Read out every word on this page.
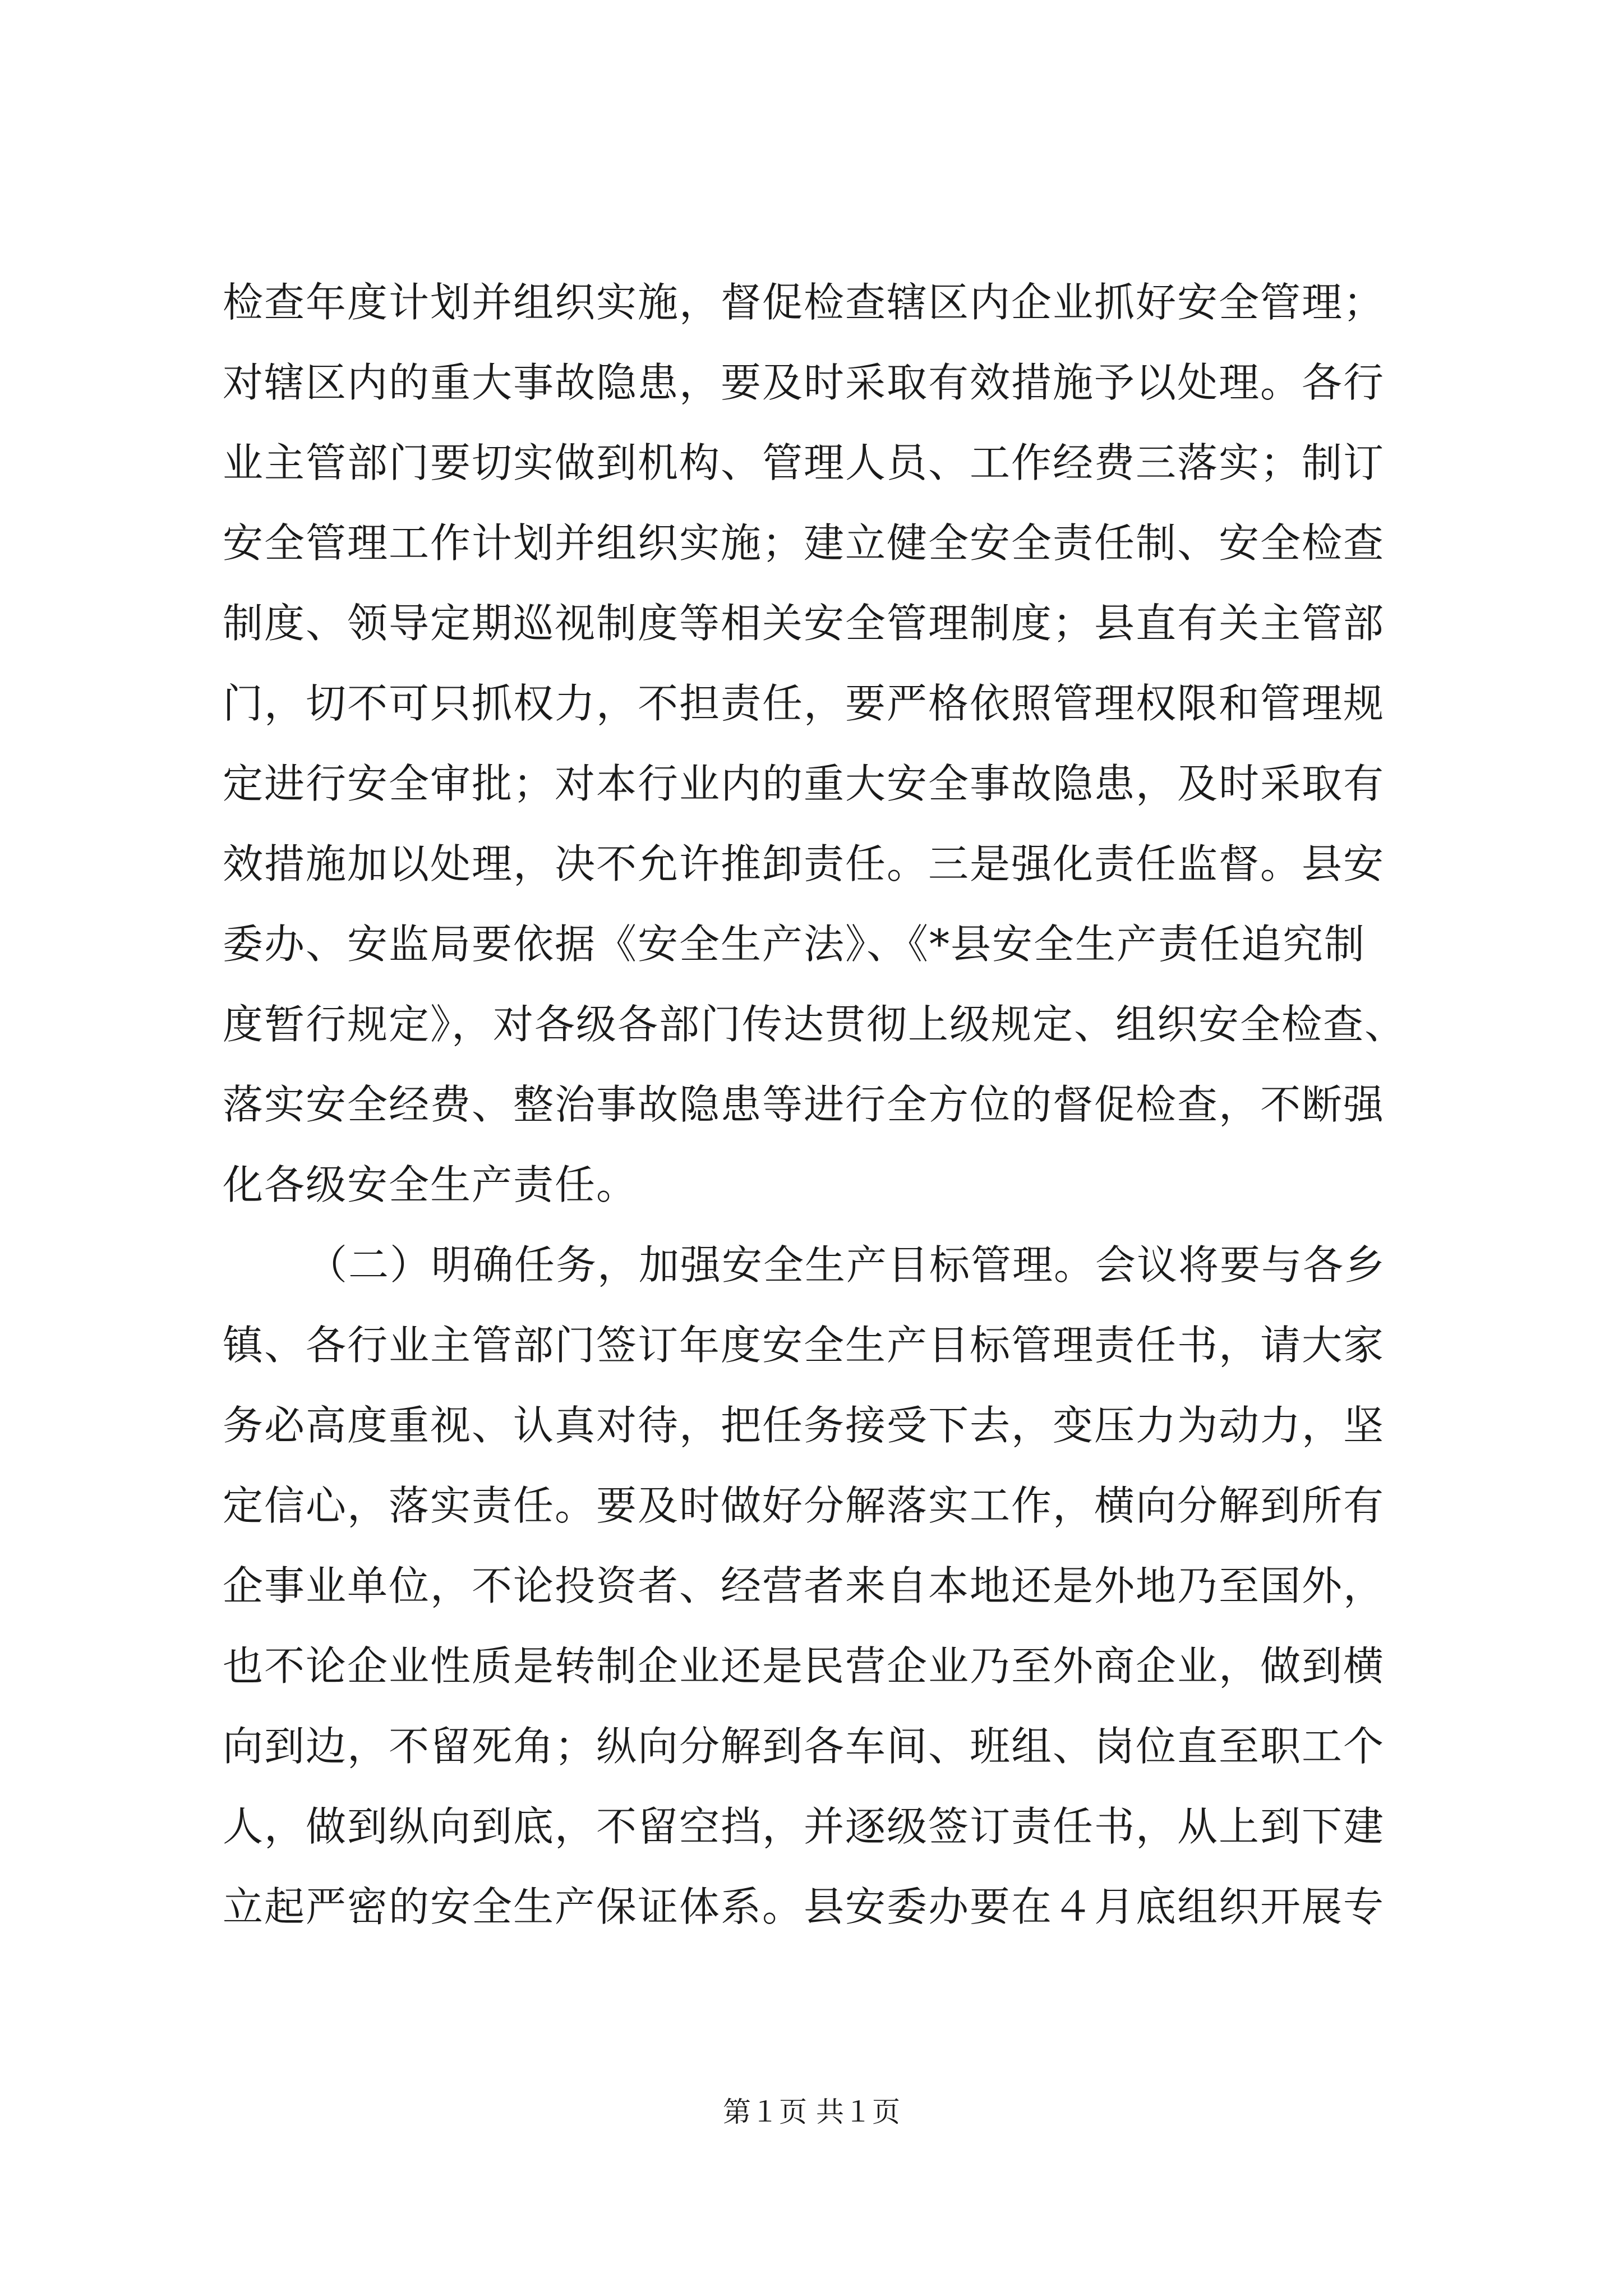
检查年度计划并组织实施，督促检查辖区内企业抓好安全管理；
对辖区内的重大事故隐患，要及时采取有效措施予以处理。各行
业主管部门要切实做到机构、管理人员、工作经费三落实；制订
安全管理工作计划并组织实施；建立健全安全责任制、安全检查
制度、领导定期巡视制度等相关安全管理制度；县直有关主管部
门，切不可只抓权力，不担责任，要严格依照管理权限和管理规
定进行安全审批；对本行业内的重大安全事故隐患，及时采取有
效措施加以处理，决不允许推卸责任。三是强化责任监督。县安
委办、安监局要依据《安全生产法》、《*县安全生产责任追究制
度暂行规定》，对各级各部门传达贯彻上级规定、组织安全检查、
落实安全经费、整治事故隐患等进行全方位的督促检查，不断强
化各级安全生产责任。
（二）明确任务，加强安全生产目标管理。会议将要与各乡
镇、各行业主管部门签订年度安全生产目标管理责任书，请大家
务必高度重视、认真对待，把任务接受下去，变压力为动力，坚
定信心，落实责任。要及时做好分解落实工作，横向分解到所有
企事业单位，不论投资者、经营者来自本地还是外地乃至国外，
也不论企业性质是转制企业还是民营企业乃至外商企业，做到横
向到边，不留死角；纵向分解到各车间、班组、岗位直至职工个
人，做到纵向到底，不留空挡，并逐级签订责任书，从上到下建
立起严密的安全生产保证体系。县安委办要在４月底组织开展专
第１页 共１页
